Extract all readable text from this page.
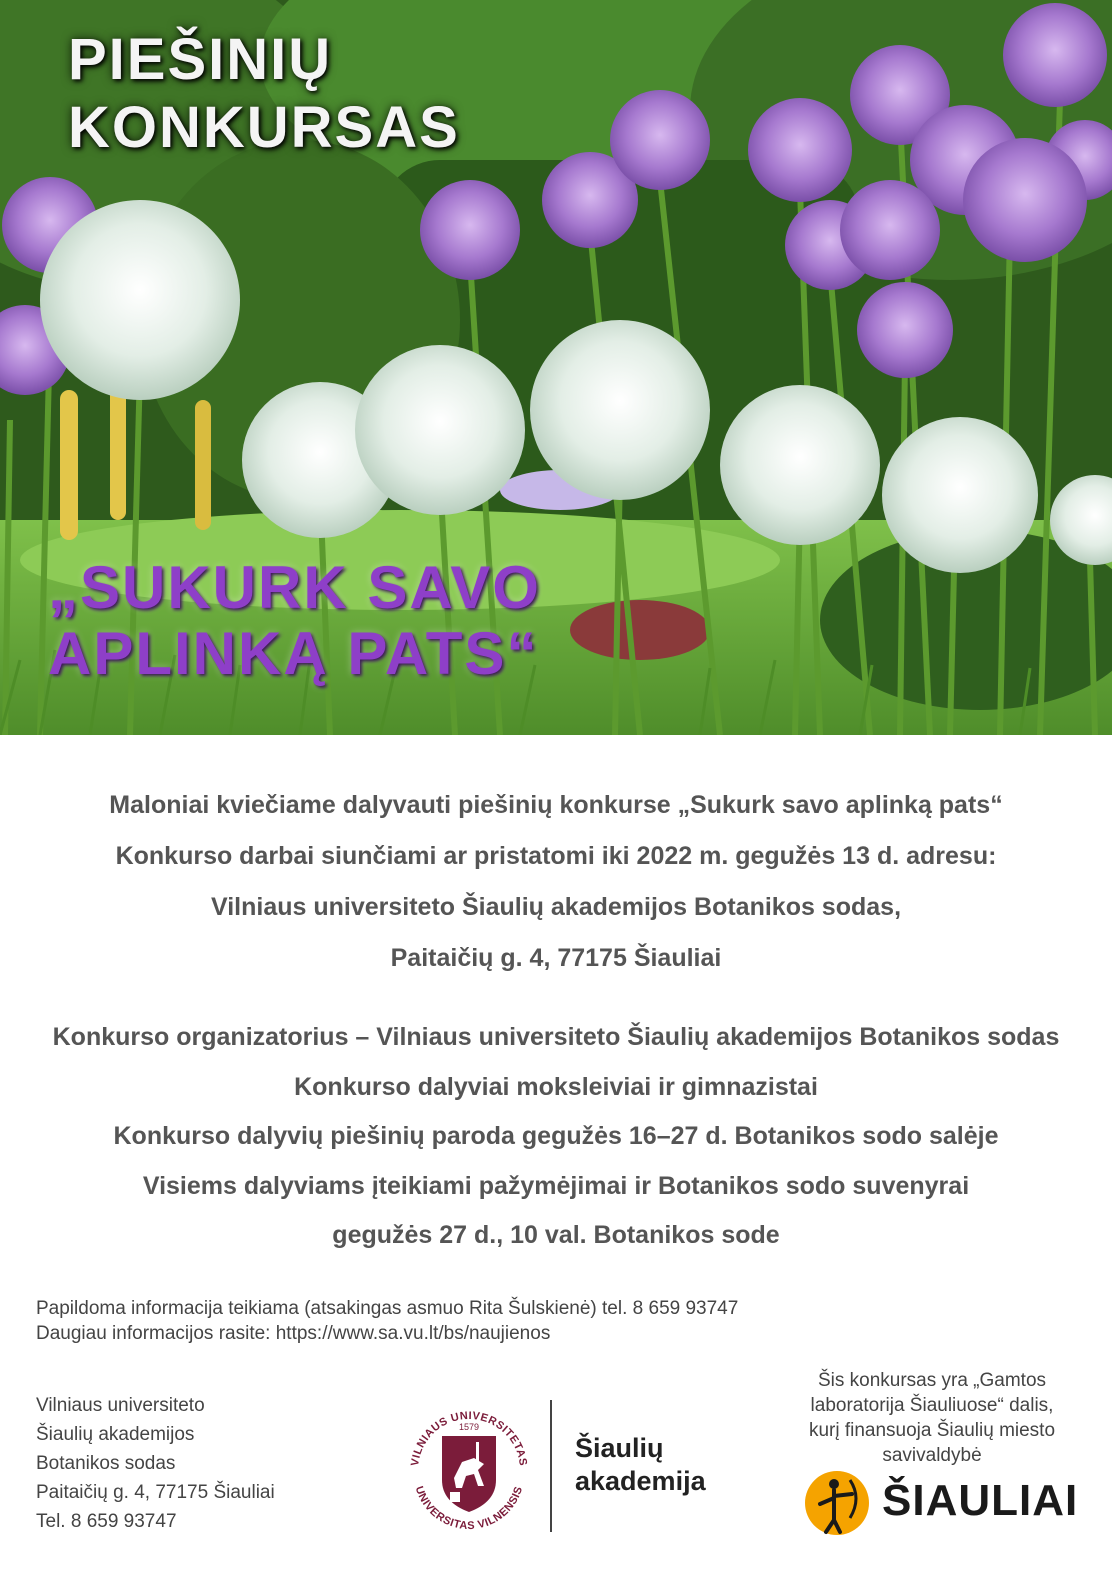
PIEŠINIŲ
KONKURSAS
„SUKURK SAVO
APLINKĄ PATS“

Maloniai kviečiame dalyvauti piešinių konkurse „Sukurk savo aplinką pats“

Konkurso darbai siunčiami ar pristatomi iki 2022 m. gegužės 13 d. adresu:

Vilniaus universiteto Šiaulių akademijos Botanikos sodas,

Paitaičių g. 4, 77175 Šiauliai

Konkurso organizatorius – Vilniaus universiteto Šiaulių akademijos Botanikos sodas

Konkurso dalyviai moksleiviai ir gimnazistai

Konkurso dalyvių piešinių paroda gegužės 16–27 d. Botanikos sodo salėje

Visiems dalyviams įteikiami pažymėjimai ir Botanikos sodo suvenyrai

gegužės 27 d., 10 val. Botanikos sode

Papildoma informacija teikiama (atsakingas asmuo Rita Šulskienė) tel. 8 659 93747
Daugiau informacijos rasite: https://www.sa.vu.lt/bs/naujienos
Vilniaus universiteto
Šiaulių akademijos
Botanikos sodas
Paitaičių g. 4, 77175 Šiauliai
Tel. 8 659 93747
VILNIAUS UNIVERSITETAS
UNIVERSITAS VILNENSIS
1579
Šiaulių
akademija
Šis konkursas yra „Gamtos
laboratorija Šiauliuose“ dalis,
kurį finansuoja Šiaulių miesto
savivaldybė
ŠIAULIAI
